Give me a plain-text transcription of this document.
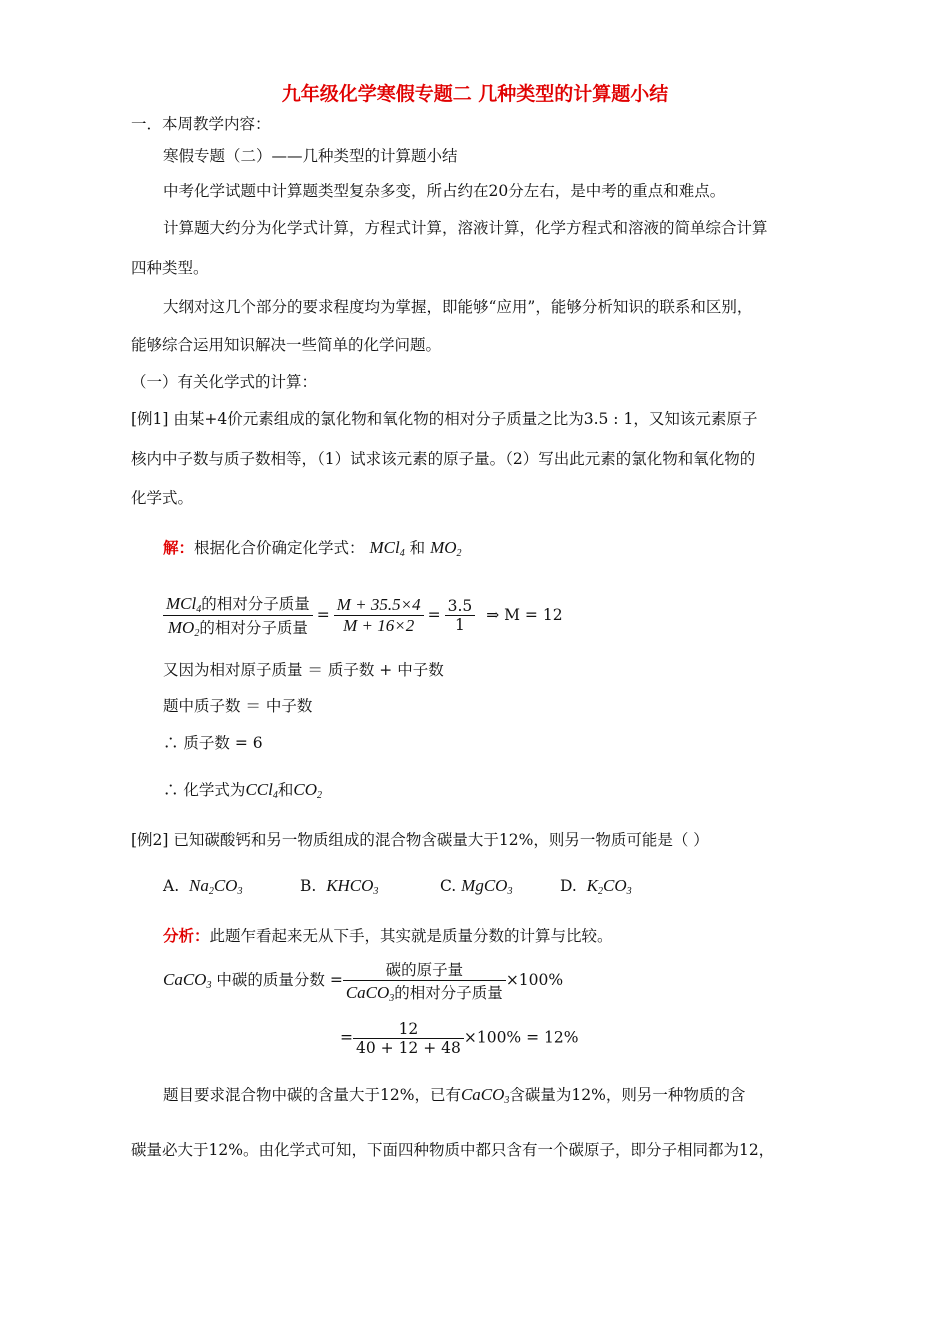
九年级化学寒假专题二 几种类型的计算题小结
一．本周教学内容：
寒假专题（二）——几种类型的计算题小结
中考化学试题中计算题类型复杂多变，所占约在20分左右，是中考的重点和难点。
计算题大约分为化学式计算，方程式计算，溶液计算，化学方程式和溶液的简单综合计算
四种类型。
大纲对这几个部分的要求程度均为掌握，即能够“应用”，能够分析知识的联系和区别，
能够综合运用知识解决一些简单的化学问题。
（一）有关化学式的计算：
[例1] 由某+4价元素组成的氯化物和氧化物的相对分子质量之比为3.5 : 1，又知该元素原子
核内中子数与质子数相等，（1）试求该元素的原子量。（2）写出此元素的氯化物和氧化物的
化学式。
解：根据化合价确定化学式： MCl$_4$ 和 $MO_2$
$\frac{MCl_4的相对分子质量}{MO_2的相对分子质量} = \frac{M + 35.5\times 4}{M + 16\times 2} = \frac{3.5}{1}$ ⇒ M = 12
又因为相对原子质量 ＝ 质子数 + 中子数
题中质子数 ＝ 中子数
∴ 质子数 = 6
∴ 化学式为CCl$_4$和$CO_2$
[例2] 已知碳酸钙和另一物质组成的混合物含碳量大于12%，则另一物质可能是（ ）
A. $Na_2CO_3$	B. $KHCO_3$	C. MgCO$_3$	D. $K_2CO_3$
分析：此题乍看起来无从下手，其实就是质量分数的计算与比较。
CaCO$_3$ 中碳的质量分数 = $\frac{\text{碳的原子量}}{CaCO_3的相对分子质量} \times 100\%$
= $\frac{12}{40 + 12 + 48} \times 100\% = 12\%$
题目要求混合物中碳的含量大于12%，已有CaCO$_3$含碳量为12%，则另一种物质的含
碳量必大于12%。由化学式可知，下面四种物质中都只含有一个碳原子，即分子相同都为12，
